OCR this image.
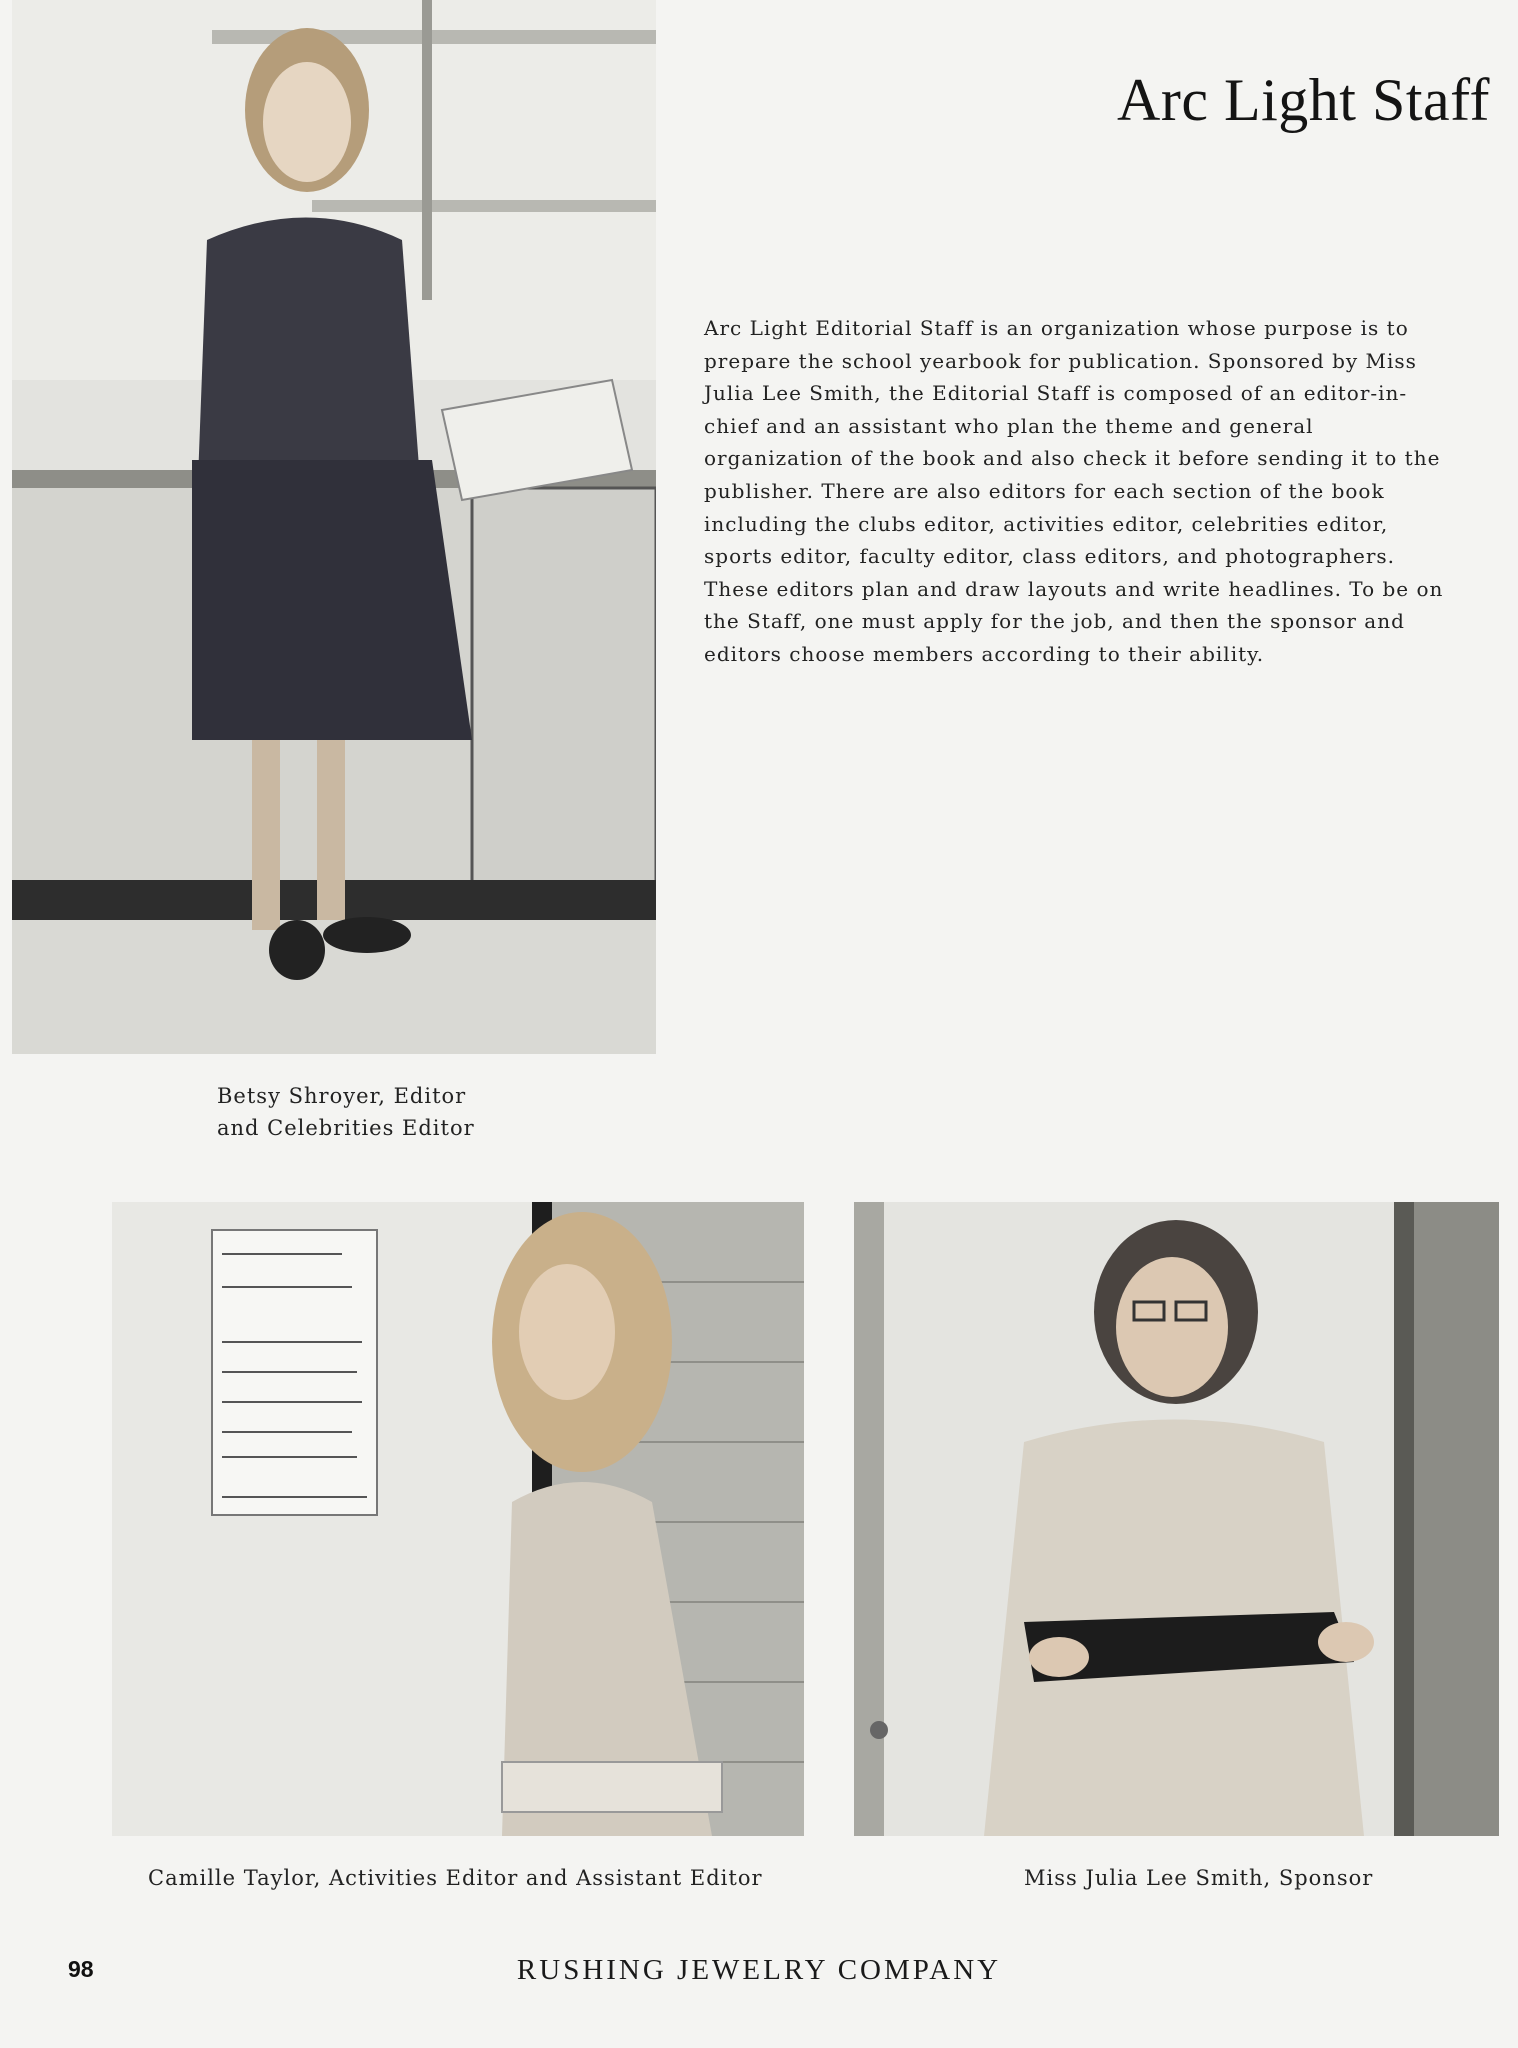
Arc Light Staff

Arc Light Editorial Staff is an organization whose purpose is to prepare the school yearbook for publication. Sponsored by Miss Julia Lee Smith, the Editorial Staff is composed of an editor-in-chief and an assistant who plan the theme and general organization of the book and also check it before sending it to the publisher. There are also editors for each section of the book including the clubs editor, activities editor, celebrities editor, sports editor, faculty editor, class editors, and photographers. These editors plan and draw layouts and write headlines. To be on the Staff, one must apply for the job, and then the sponsor and editors choose members according to their ability.

Betsy Shroyer, Editor
and Celebrities Editor
Camille Taylor, Activities Editor and Assistant Editor	Miss Julia Lee Smith, Sponsor
98	RUSHING JEWELRY COMPANY
